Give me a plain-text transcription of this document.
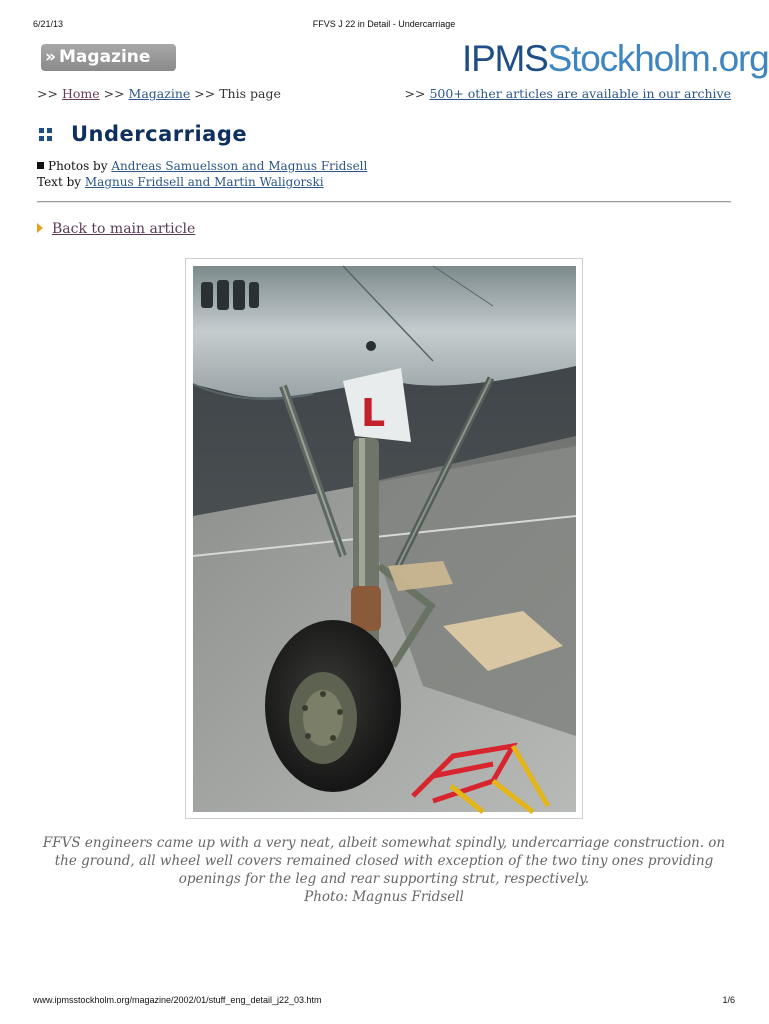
6/21/13	FFVS J 22 in Detail - Undercarriage
›› Magazine	IPMSStockholm.org
>> Home >> Magazine >> This page	>> 500+ other articles are available in our archive
Undercarriage
Photos by Andreas Samuelsson and Magnus Fridsell
Text by Magnus Fridsell and Martin Waligorski
Back to main article
L
FFVS engineers came up with a very neat, albeit somewhat spindly, undercarriage construction. on
the ground, all wheel well covers remained closed with exception of the two tiny ones providing
openings for the leg and rear supporting strut, respectively.
Photo: Magnus Fridsell
www.ipmsstockholm.org/magazine/2002/01/stuff_eng_detail_j22_03.htm	1/6
